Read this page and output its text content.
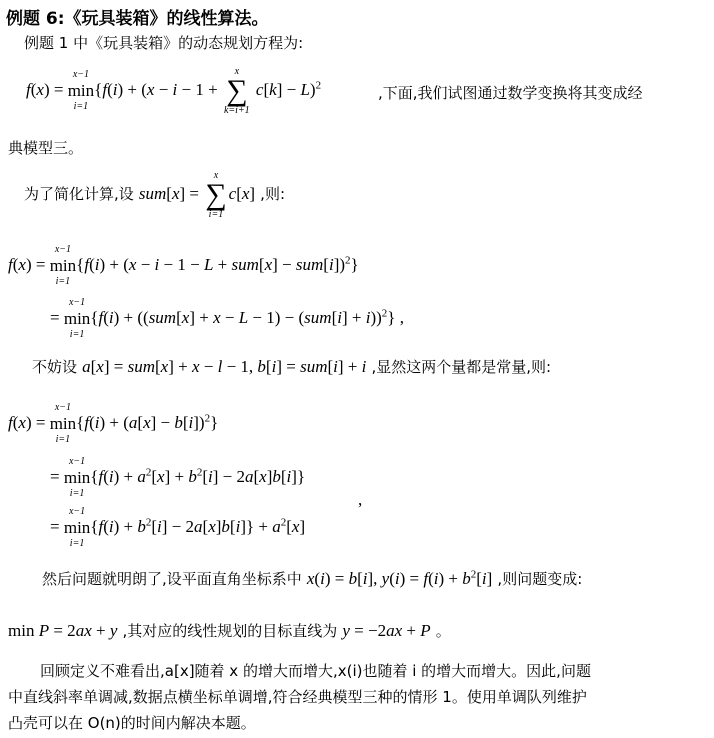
例题 6:《玩具装箱》的线性算法。
例题 1 中《玩具装箱》的动态规划方程为:
f(x) =
x−1
min
i=1
{f(i) + (x − i − 1 +
x
∑
k=i+1
c[k] − L)$^2$	,下面,我们试图通过数学变换将其变成经
典模型三。
为了简化计算,设 sum[x] =
x
∑
i=1
c[x] ,则:
f(x) =
x−1
min
i=1
$\{f(i) + (x - i - 1 - L + sum[x] - sum[i])^2\}$
=
x−1
min
i=1
$\{f(i) + ((sum[x] + x - L - 1) - (sum[i] + i))^2\}$ ,
不妨设 a[x] = sum[x] + x − l − 1, b[i] = sum[i] + i ,显然这两个量都是常量,则:
f(x) =
x−1
min
i=1
$\{f(i) + (a[x] - b[i])^2\}$
=
x−1
min
i=1
$\{f(i) + a^2[x] + b^2[i] - 2a[x]b[i]\}$
,
=
x−1
min
i=1
$\{f(i) + b^2[i] - 2a[x]b[i]\} + a^2[x]$
然后问题就明朗了,设平面直角坐标系中 x(i) = b[i], $y(i) = f(i) + b^2[i]$ ,则问题变成:
min P = 2ax + y ,其对应的线性规划的目标直线为 y = −2ax + P 。
回顾定义不难看出,a[x]随着 x 的增大而增大,x(i)也随着 i 的增大而增大。因此,问题
中直线斜率单调减,数据点横坐标单调增,符合经典模型三种的情形 1。使用单调队列维护
凸壳可以在 O(n)的时间内解决本题。
